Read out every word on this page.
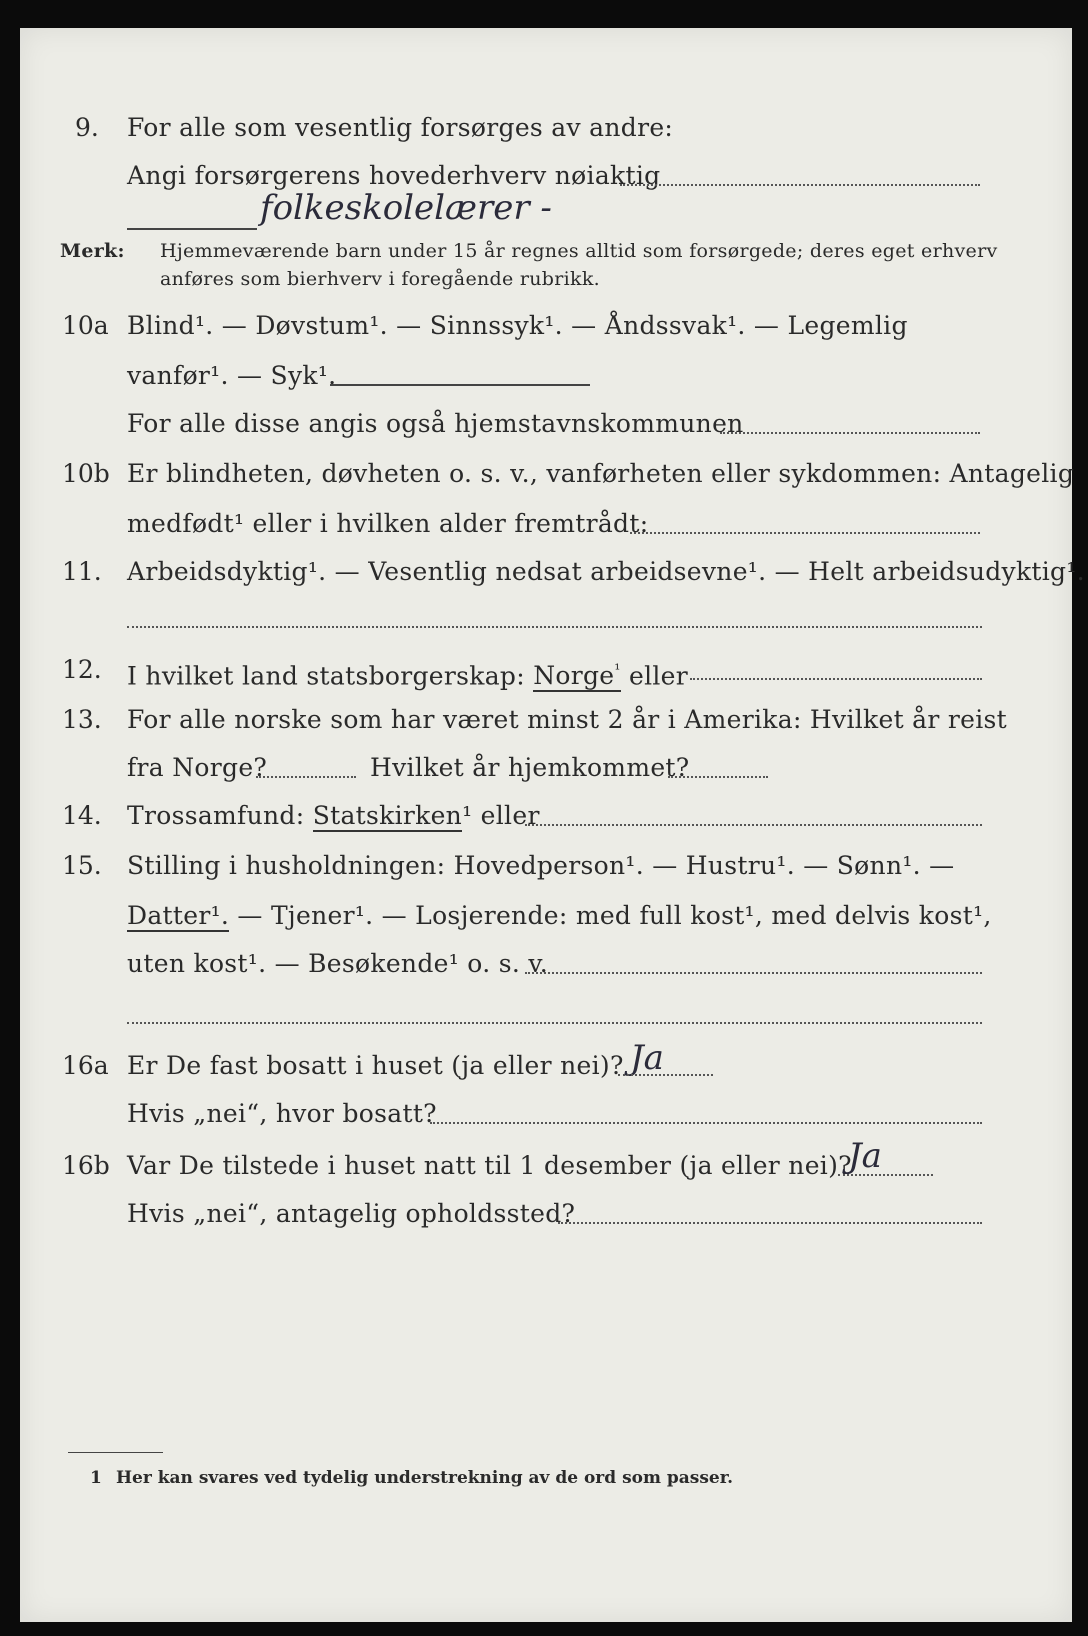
9. For alle som vesentlig forsørges av andre:
Angi forsørgerens hovederhverv nøiaktig
folkeskolelærer -
Merk: Hjemmeværende barn under 15 år regnes alltid som forsørgede; deres eget erhverv
anføres som bierhverv i foregående rubrikk.
10a Blind¹. — Døvstum¹. — Sinnssyk¹. — Åndssvak¹. — Legemlig
vanfør¹. — Syk¹.
For alle disse angis også hjemstavnskommunen
10b Er blindheten, døvheten o. s. v., vanførheten eller sykdommen: Antagelig
medfødt¹ eller i hvilken alder fremtrådt:
11. Arbeidsdyktig¹. — Vesentlig nedsat arbeidsevne¹. — Helt arbeidsudyktig¹.
12. I hvilket land statsborgerskap: Norge$^{^1}$ eller
13. For alle norske som har været minst 2 år i Amerika: Hvilket år reist
fra Norge?	Hvilket år hjemkommet?
14. Trossamfund: Statskirken¹ eller
15. Stilling i husholdningen: Hovedperson¹. — Hustru¹. — Sønn¹. —
Datter¹. — Tjener¹. — Losjerende: med full kost¹, med delvis kost¹,
uten kost¹. — Besøkende¹ o. s. v.
16a Er De fast bosatt i huset (ja eller nei)? Ja
Hvis „nei“, hvor bosatt?
16b Var De tilstede i huset natt til 1 desember (ja eller nei)?
Ja
Hvis „nei“, antagelig opholdssted?
1 Her kan svares ved tydelig understrekning av de ord som passer.
